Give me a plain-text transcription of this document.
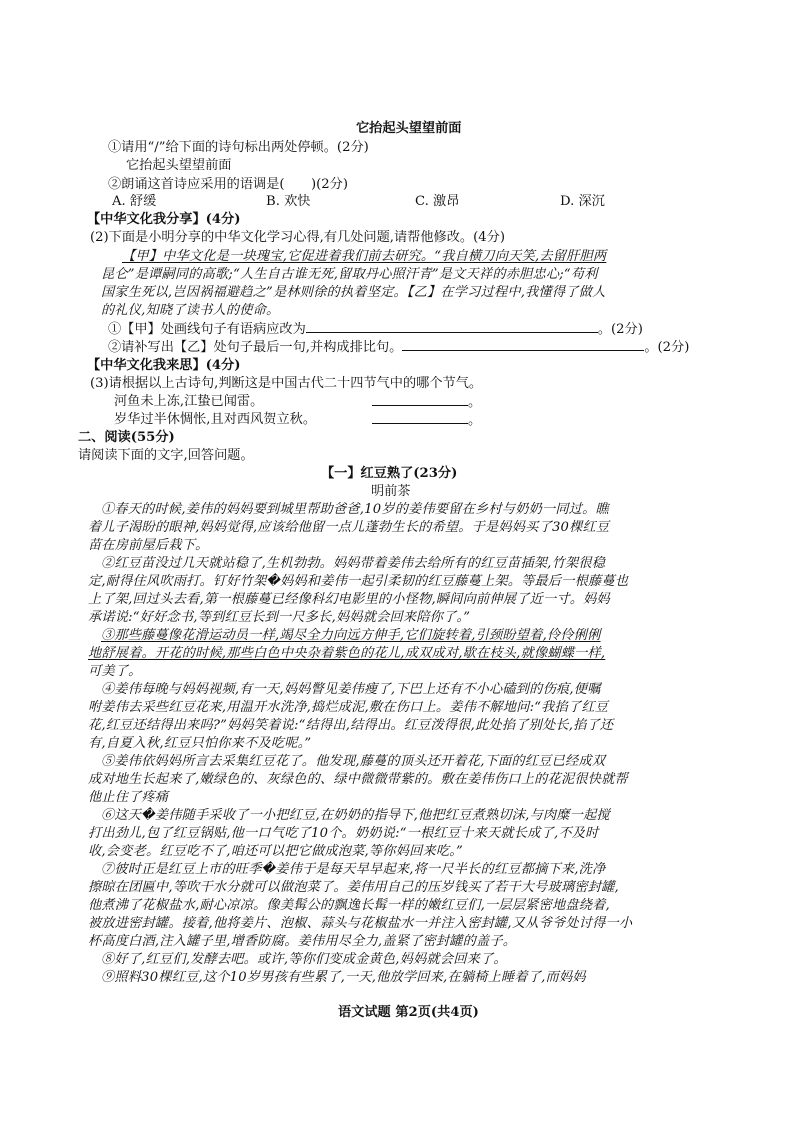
它抬起头望望前面
①请用“/”给下面的诗句标出两处停顿。(2分)
它抬起头望望前面
②朗诵这首诗应采用的语调是(　　)(2分)
A. 舒缓	B. 欢快	C. 激昂	D. 深沉
【中华文化我分享】(4分)
(2)下面是小明分享的中华文化学习心得,有几处问题,请帮他修改。(4分)
【甲】中华文化是一块瑰宝,它促进着我们前去研究。“我自横刀向天笑,去留肝胆两
昆仑”是谭嗣同的高歌;“人生自古谁无死,留取丹心照汗青”是文天祥的赤胆忠心;“苟利
国家生死以,岂因祸福避趋之”是林则徐的执着坚定。【乙】在学习过程中,我懂得了做人
的礼仪,知晓了读书人的使命。
①【甲】处画线句子有语病应改为	。(2分)
②请补写出【乙】处句子最后一句,并构成排比句。	。(2分)
【中华文化我来思】(4分)
(3)请根据以上古诗句,判断这是中国古代二十四节气中的哪个节气。
河鱼未上冻,江蛰已闻雷。	。
岁华过半休惆怅,且对西风贺立秋。	。
二、阅读(55分)
请阅读下面的文字,回答问题。
【一】红豆熟了(23分)
明前茶
①春天的时候,姜伟的妈妈要到城里帮助爸爸,10岁的姜伟要留在乡村与奶奶一同过。瞧
着儿子渴盼的眼神,妈妈觉得,应该给他留一点儿蓬勃生长的希望。于是妈妈买了30棵红豆
苗在房前屋后栽下。
②红豆苗没过几天就站稳了,生机勃勃。妈妈带着姜伟去给所有的红豆苗插架,竹架很稳
定,耐得住风吹雨打。钉好竹架�妈妈和姜伟一起引柔韧的红豆藤蔓上架。等最后一根藤蔓也
上了架,回过头去看,第一根藤蔓已经像科幻电影里的小怪物,瞬间向前伸展了近一寸。妈妈
承诺说:“好好念书,等到红豆长到一尺多长,妈妈就会回来陪你了。”
③那些藤蔓像花滑运动员一样,竭尽全力向远方伸手,它们旋转着,引颈盼望着,伶伶俐俐
地舒展着。开花的时候,那些白色中央杂着紫色的花儿,成双成对,歇在枝头,就像蝴蝶一样,
可美了。
④姜伟每晚与妈妈视频,有一天,妈妈瞥见姜伟瘦了,下巴上还有不小心磕到的伤痕,便嘱
咐姜伟去采些红豆花来,用温开水洗净,捣烂成泥,敷在伤口上。姜伟不解地问:“我掐了红豆
花,红豆还结得出来吗?”妈妈笑着说:“结得出,结得出。红豆泼得很,此处掐了别处长,掐了还
有,自夏入秋,红豆只怕你来不及吃呢。”
⑤姜伟依妈妈所言去采集红豆花了。他发现,藤蔓的顶头还开着花,下面的红豆已经成双
成对地生长起来了,嫩绿色的、灰绿色的、绿中微微带紫的。敷在姜伟伤口上的花泥很快就帮
他止住了疼痛
⑥这天�姜伟随手采收了一小把红豆,在奶奶的指导下,他把红豆煮熟切沫,与肉糜一起搅
打出劲儿,包了红豆锅贴,他一口气吃了10个。奶奶说:“一根红豆十来天就长成了,不及时
收,会变老。红豆吃不了,咱还可以把它做成泡菜,等你妈回来吃。”
⑦彼时正是红豆上市的旺季�姜伟于是每天早早起来,将一尺半长的红豆都摘下来,洗净
擦晾在团匾中,等吹干水分就可以做泡菜了。姜伟用自己的压岁钱买了若干大号玻璃密封罐,
他煮沸了花椒盐水,耐心凉凉。像美髯公的飘逸长髯一样的嫩红豆们,一层层紧密地盘绕着,
被放进密封罐。接着,他将姜片、泡椒、蒜头与花椒盐水一并注入密封罐,又从爷爷处讨得一小
杯高度白酒,注入罐子里,增香防腐。姜伟用尽全力,盖紧了密封罐的盖子。
⑧好了,红豆们,发酵去吧。或许,等你们变成金黄色,妈妈就会回来了。
⑨照料30棵红豆,这个10岁男孩有些累了,一天,他放学回来,在躺椅上睡着了,而妈妈
语文试题 第2页(共4页)
